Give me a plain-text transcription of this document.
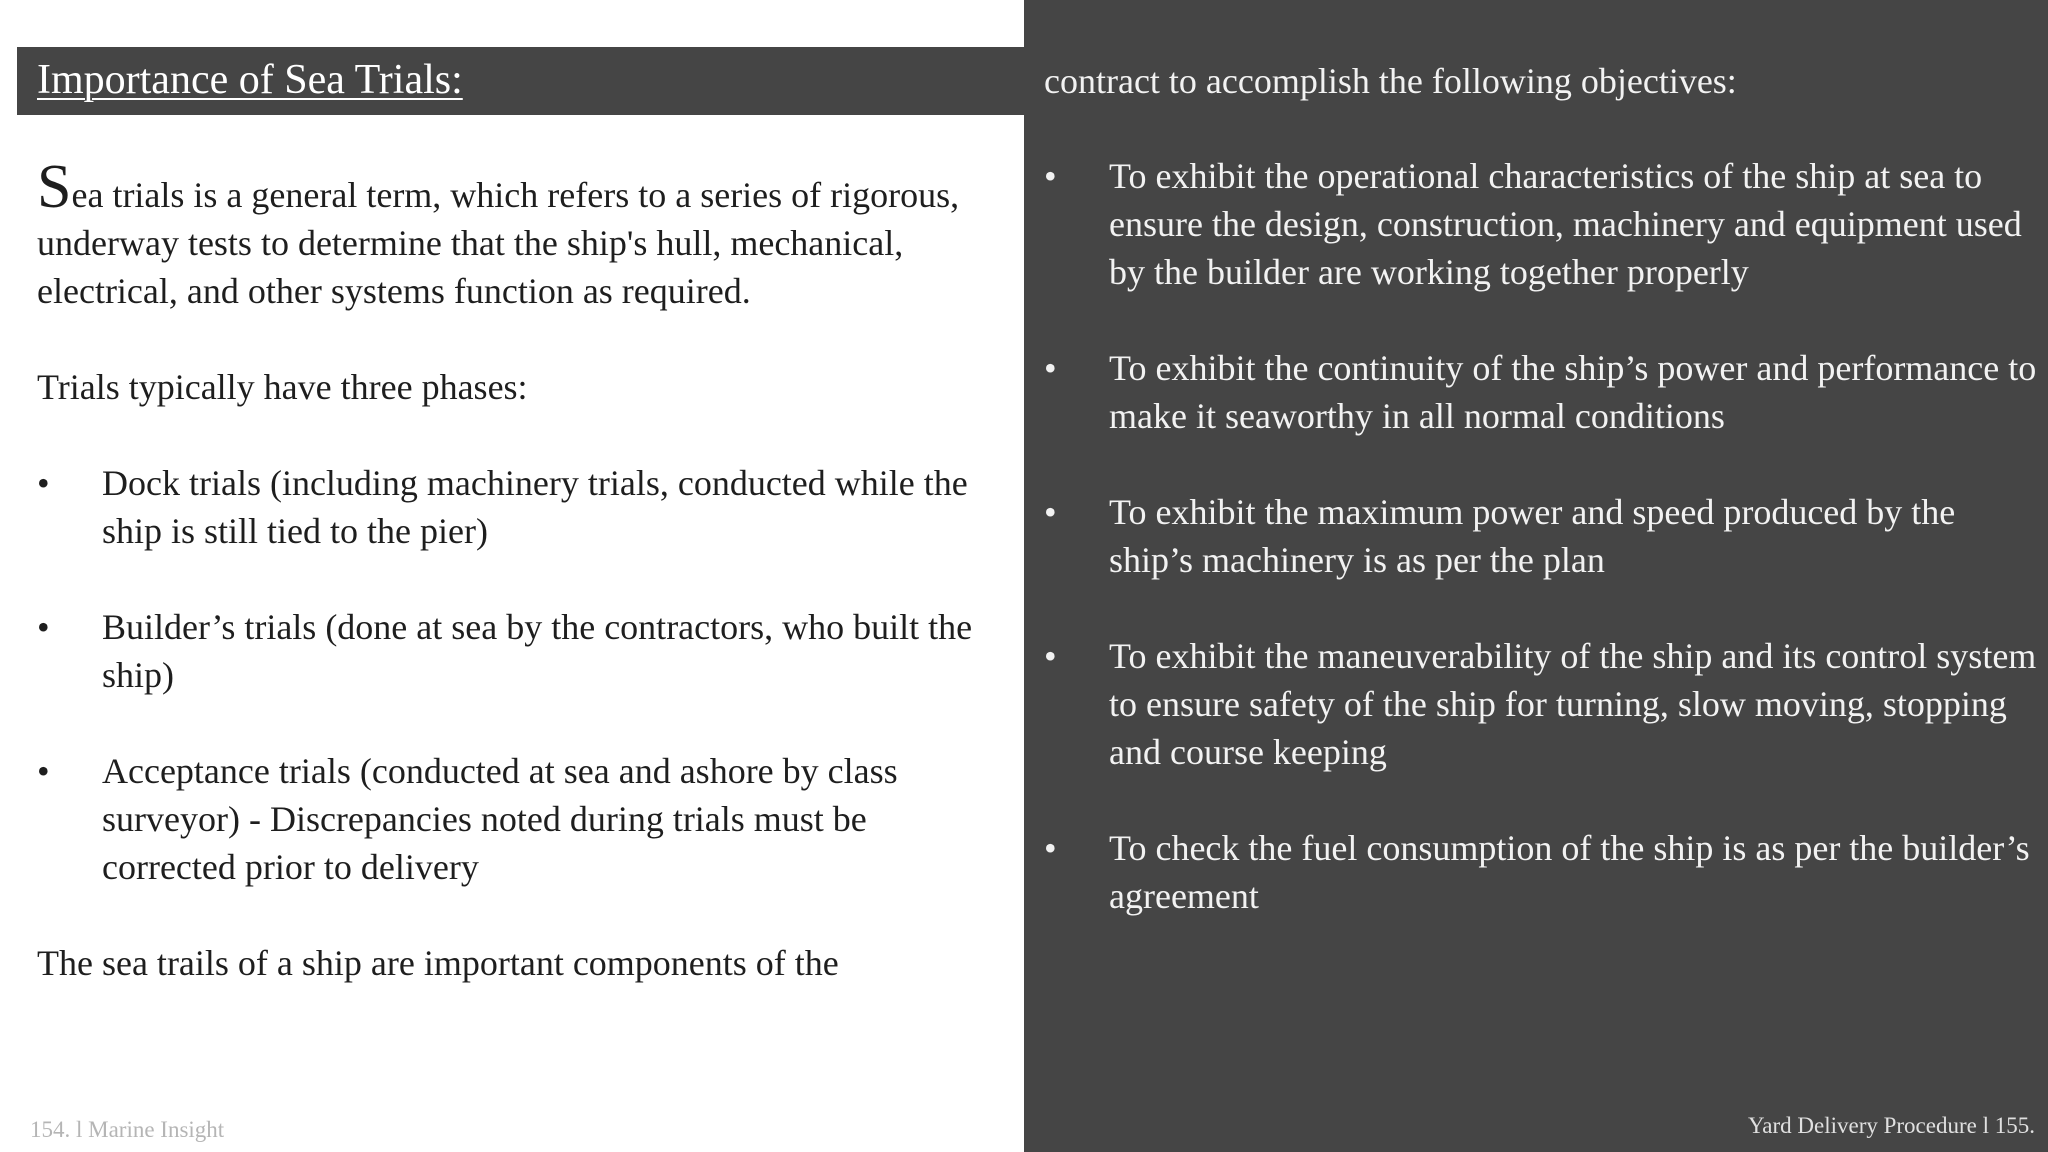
Importance of Sea Trials:

Sea trials is a general term, which refers to a series of rigorous, underway tests to determine that the ship's hull, mechanical, electrical, and other systems function as required.

Trials typically have three phases:

•	Dock trials (including machinery trials, conducted while the ship is still tied to the pier)
•	Builder’s trials (done at sea by the contractors, who built the ship)
•	Acceptance trials (conducted at sea and ashore by class surveyor) - Discrepancies noted during trials must be corrected prior to delivery

The sea trails of a ship are important components of the

154. l Marine Insight

contract to accomplish the following objectives:

•	To exhibit the operational characteristics of the ship at sea to ensure the design, construction, machinery and equipment used by the builder are working together properly
•	To exhibit the continuity of the ship’s power and performance to make it seaworthy in all normal conditions
•	To exhibit the maximum power and speed produced by the ship’s machinery is as per the plan
•	To exhibit the maneuverability of the ship and its control system to ensure safety of the ship for turning, slow moving, stopping and course keeping
•	To check the fuel consumption of the ship is as per the builder’s agreement
Yard Delivery Procedure l 155.
